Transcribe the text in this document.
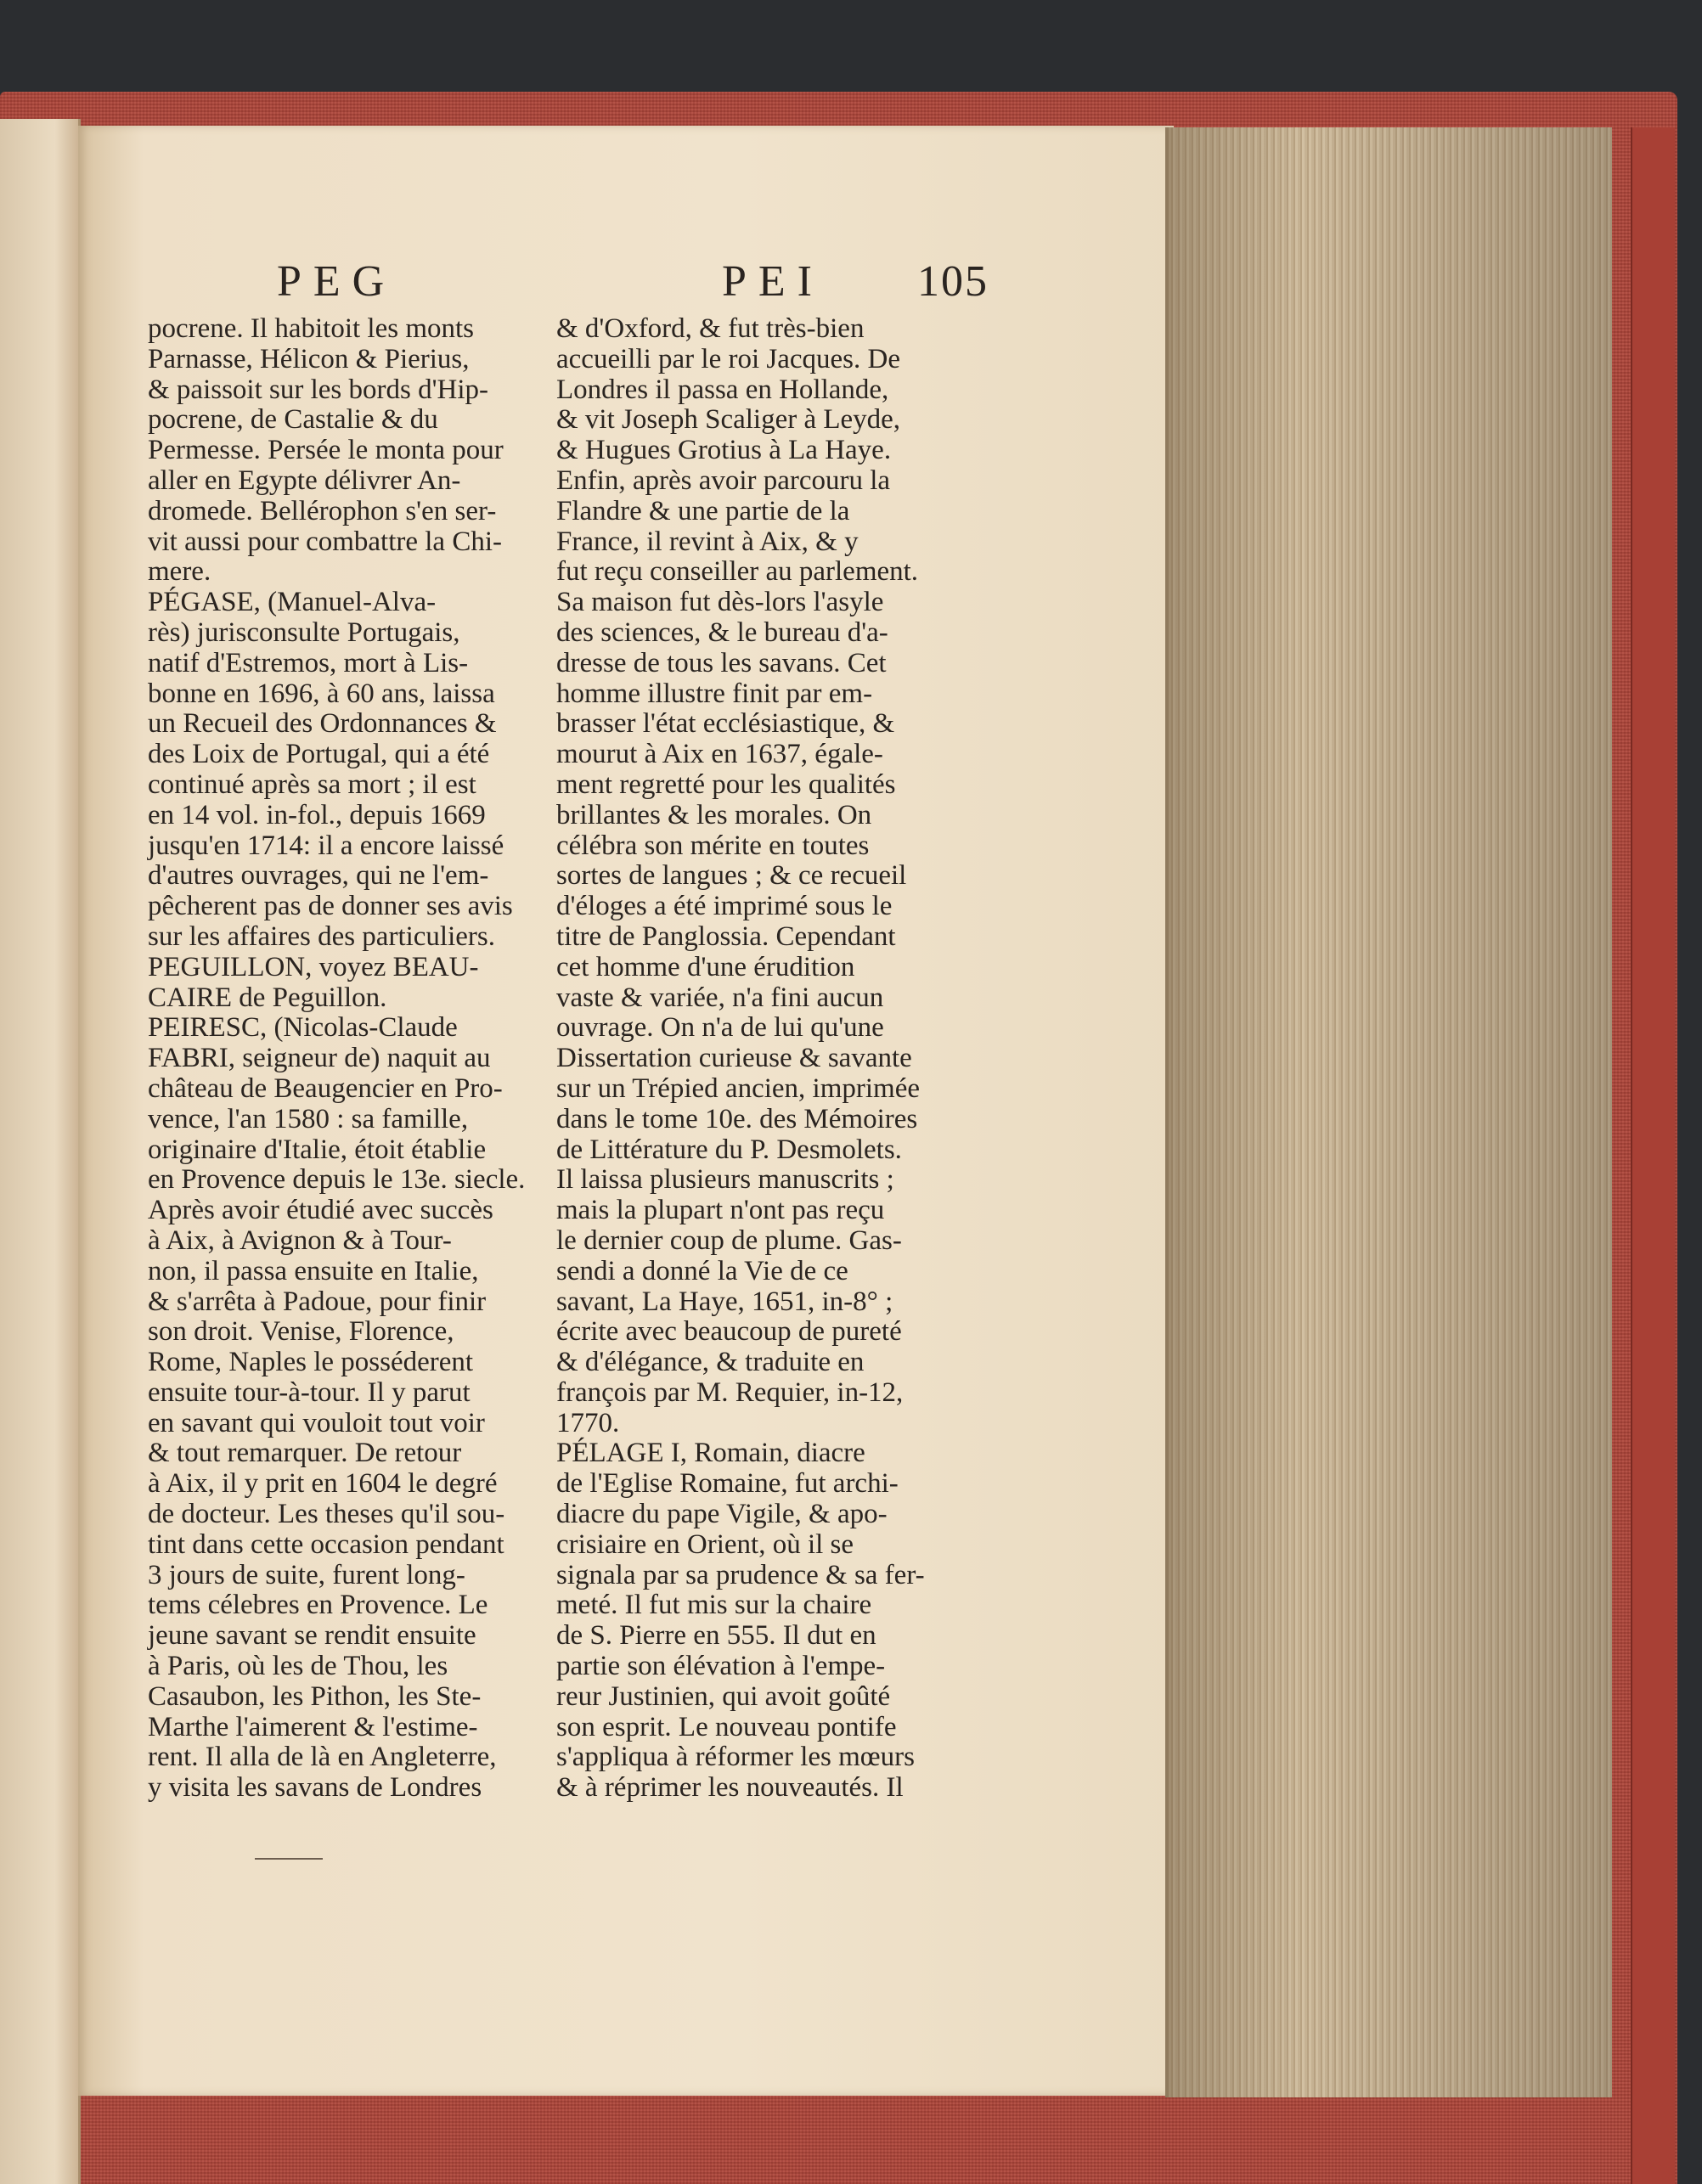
PEG	PEI 105

pocrene. Il habitoit les monts

Parnasse, Hélicon & Pierius,

& paissoit sur les bords d'Hip-

pocrene, de Castalie & du

Permesse. Persée le monta pour

aller en Egypte délivrer An-

dromede. Bellérophon s'en ser-

vit aussi pour combattre la Chi-

mere.

PÉGASE, (Manuel-Alva-

rès) jurisconsulte Portugais,

natif d'Estremos, mort à Lis-

bonne en 1696, à 60 ans, laissa

un Recueil des Ordonnances &

des Loix de Portugal, qui a été

continué après sa mort ; il est

en 14 vol. in-fol., depuis 1669

jusqu'en 1714: il a encore laissé

d'autres ouvrages, qui ne l'em-

pêcherent pas de donner ses avis

sur les affaires des particuliers.

PEGUILLON, voyez BEAU-

CAIRE de Peguillon.

PEIRESC, (Nicolas-Claude

FABRI, seigneur de) naquit au

château de Beaugencier en Pro-

vence, l'an 1580 : sa famille,

originaire d'Italie, étoit établie

en Provence depuis le 13e. siecle.

Après avoir étudié avec succès

à Aix, à Avignon & à Tour-

non, il passa ensuite en Italie,

& s'arrêta à Padoue, pour finir

son droit. Venise, Florence,

Rome, Naples le posséderent

ensuite tour-à-tour. Il y parut

en savant qui vouloit tout voir

& tout remarquer. De retour

à Aix, il y prit en 1604 le degré

de docteur. Les theses qu'il sou-

tint dans cette occasion pendant

3 jours de suite, furent long-

tems célebres en Provence. Le

jeune savant se rendit ensuite

à Paris, où les de Thou, les

Casaubon, les Pithon, les Ste-

Marthe l'aimerent & l'estime-

rent. Il alla de là en Angleterre,

y visita les savans de Londres

& d'Oxford, & fut très-bien

accueilli par le roi Jacques. De

Londres il passa en Hollande,

& vit Joseph Scaliger à Leyde,

& Hugues Grotius à La Haye.

Enfin, après avoir parcouru la

Flandre & une partie de la

France, il revint à Aix, & y

fut reçu conseiller au parlement.

Sa maison fut dès-lors l'asyle

des sciences, & le bureau d'a-

dresse de tous les savans. Cet

homme illustre finit par em-

brasser l'état ecclésiastique, &

mourut à Aix en 1637, égale-

ment regretté pour les qualités

brillantes & les morales. On

célébra son mérite en toutes

sortes de langues ; & ce recueil

d'éloges a été imprimé sous le

titre de Panglossia. Cependant

cet homme d'une érudition

vaste & variée, n'a fini aucun

ouvrage. On n'a de lui qu'une

Dissertation curieuse & savante

sur un Trépied ancien, imprimée

dans le tome 10e. des Mémoires

de Littérature du P. Desmolets.

Il laissa plusieurs manuscrits ;

mais la plupart n'ont pas reçu

le dernier coup de plume. Gas-

sendi a donné la Vie de ce

savant, La Haye, 1651, in-8° ;

écrite avec beaucoup de pureté

& d'élégance, & traduite en

françois par M. Requier, in-12,

1770.

PÉLAGE I, Romain, diacre

de l'Eglise Romaine, fut archi-

diacre du pape Vigile, & apo-

crisiaire en Orient, où il se

signala par sa prudence & sa fer-

meté. Il fut mis sur la chaire

de S. Pierre en 555. Il dut en

partie son élévation à l'empe-

reur Justinien, qui avoit goûté

son esprit. Le nouveau pontife

s'appliqua à réformer les mœurs

& à réprimer les nouveautés. Il
